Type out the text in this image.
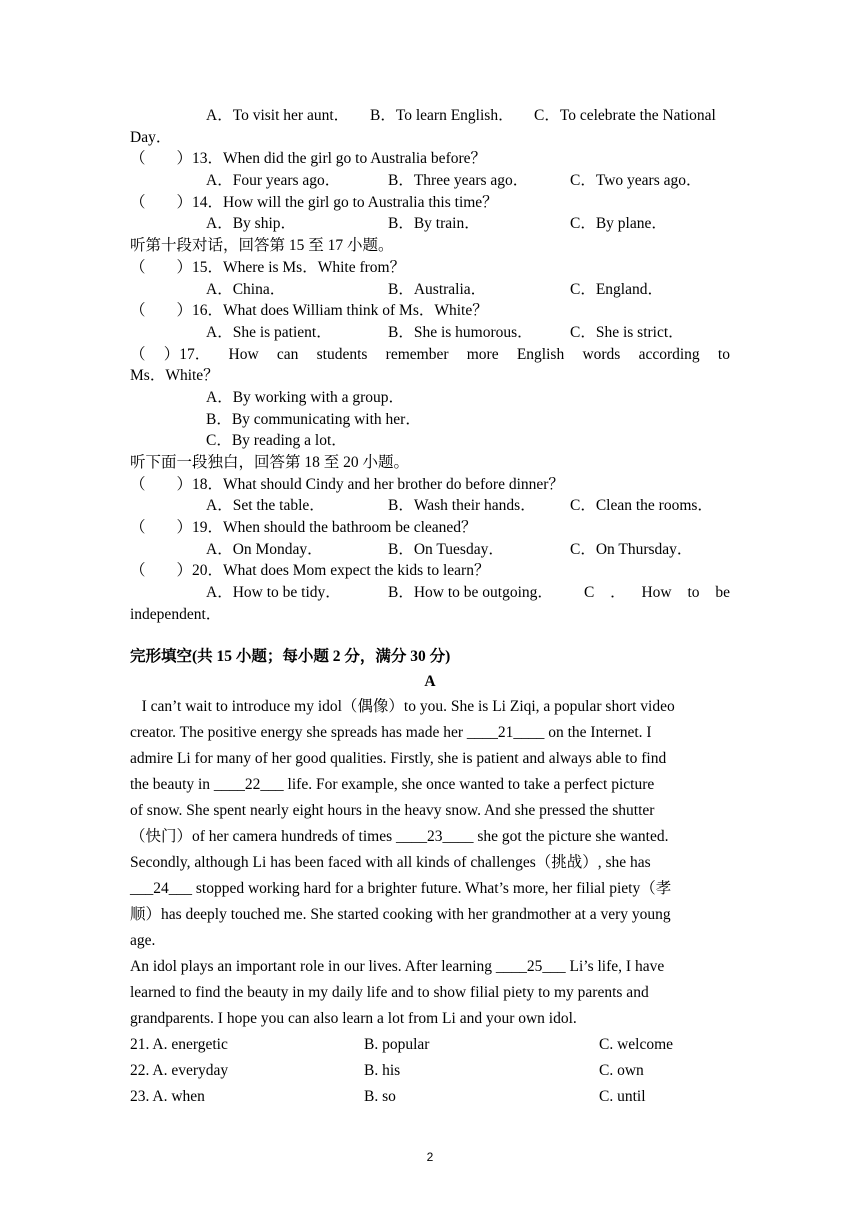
A．To visit her aunt． B．To learn English． C．To celebrate the National
Day．
（　　）13．When did the girl go to Australia before？
A．Four years ago．	B．Three years ago．	C．Two years ago．
（　　）14．How will the girl go to Australia this time？
A．By ship．	B．By train．	C．By plane．
听第十段对话，回答第 15 至 17 小题。
（　　）15．Where is Ms．White from？
A．China．	B．Australia．	C．England．
（　　）16．What does William think of Ms．White？
A．She is patient．	B．She is humorous． C．She is strict．
（ ）17． How can students remember more English words according to
Ms．White？
A．By working with a group．
B．By communicating with her．
C．By reading a lot．
听下面一段独白，回答第 18 至 20 小题。
（　　）18．What should Cindy and her brother do before dinner？
A．Set the table．	B．Wash their hands． C．Clean the rooms．
（　　）19．When should the bathroom be cleaned？
A．On Monday．	B．On Tuesday．	C．On Thursday．
（　　）20．What does Mom expect the kids to learn？
A．How to be tidy．	B．How to be outgoing． C ． How to be
independent．
完形填空(共 15 小题；每小题 2 分，满分 30 分)
A
I can’t wait to introduce my idol（偶像）to you. She is Li Ziqi, a popular short video
creator. The positive energy she spreads has made her ____21____ on the Internet. I
admire Li for many of her good qualities. Firstly, she is patient and always able to find
the beauty in ____22___ life. For example, she once wanted to take a perfect picture
of snow. She spent nearly eight hours in the heavy snow. And she pressed the shutter
（快门）of her camera hundreds of times ____23____ she got the picture she wanted.
Secondly, although Li has been faced with all kinds of challenges（挑战）, she has
___24___ stopped working hard for a brighter future. What’s more, her filial piety（孝
顺）has deeply touched me. She started cooking with her grandmother at a very young
age.
An idol plays an important role in our lives. After learning ____25___ Li’s life, I have
learned to find the beauty in my daily life and to show filial piety to my parents and
grandparents. I hope you can also learn a lot from Li and your own idol.
21. A. energetic	B. popular	C. welcome
22. A. everyday	B. his	C. own
23. A. when	B. so	C. until
2
